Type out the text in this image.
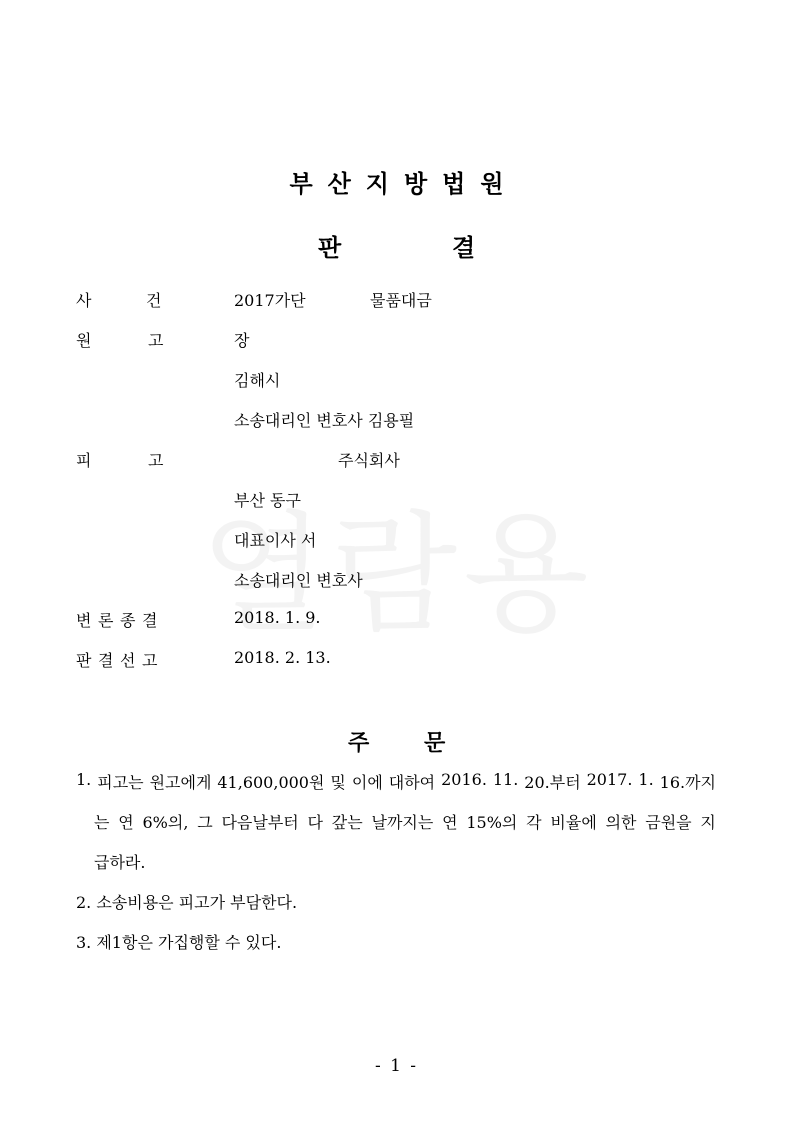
부산지방법원
판	결
사	건	2017가단	물품대금
원	고	장
김해시
소송대리인 변호사 김용필
피	고	주식회사
부산 동구
대표이사 서
소송대리인 변호사
변 론 종 결	2018. 1. 9.
판 결 선 고	2018. 2. 13.
주 문
1. 피고는 원고에게 41,600,000원 및 이에 대하여 2016. 11. 20.부터 2017. 1. 16.까지
는 연 6%의, 그 다음날부터 다 갚는 날까지는 연 15%의 각 비율에 의한 금원을 지
급하라.
2. 소송비용은 피고가 부담한다.
3. 제1항은 가집행할 수 있다.
- 1 -
